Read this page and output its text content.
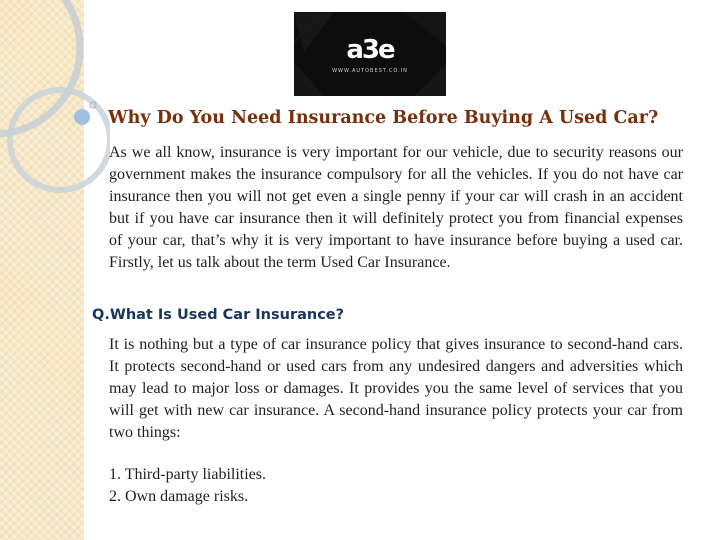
a3e
WWW.AUTOBEST.CO.IN
Why Do You Need Insurance Before Buying A Used Car?

As we all know, insurance is very important for our vehicle, due to security reasons our government makes the insurance compulsory for all the vehicles. If you do not have car insurance then you will not get even a single penny if your car will crash in an accident but if you have car insurance then it will definitely protect you from financial expenses of your car, that’s why it is very important to have insurance before buying a used car. Firstly, let us talk about the term Used Car Insurance.

Q.What Is Used Car Insurance?

It is nothing but a type of car insurance policy that gives insurance to second-hand cars. It protects second-hand or used cars from any undesired dangers and adversities which may lead to major loss or damages. It provides you the same level of services that you will get with new car insurance. A second-hand insurance policy protects your car from two things:

1. Third-party liabilities.
2. Own damage risks.
